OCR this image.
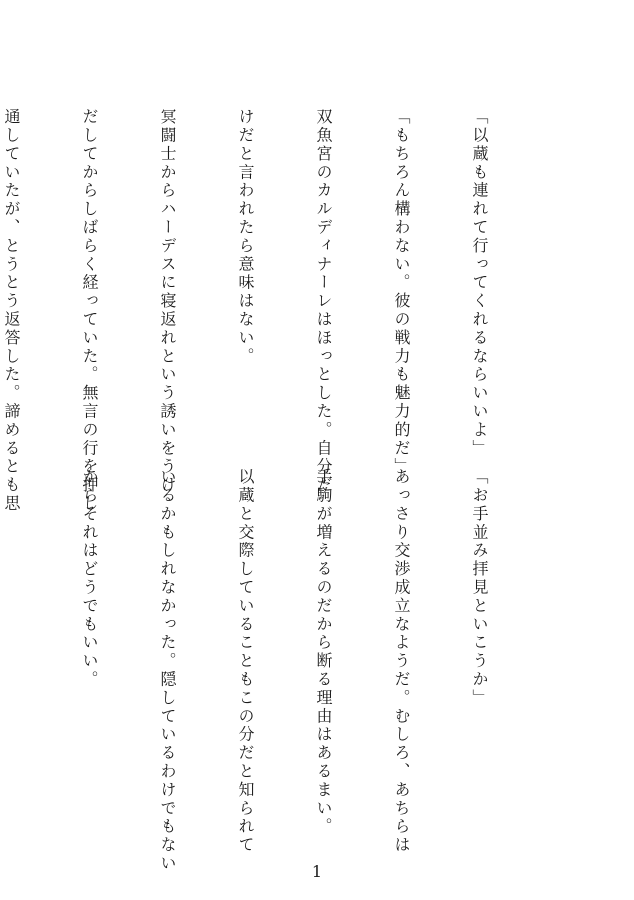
「以蔵も連れて行ってくれるならいいよ」

「もちろん構わない。彼の戦力も魅力的だ」

双魚宮のカルディナーレはほっとした。自分だ

けだと言われたら意味はない。

冥闘士からハーデスに寝返れという誘いをうけ

だしてからしばらく経っていた。無言の行を押し

通していたが、とうとう返答した。諦めるとも思

「お手並み拝見といこうか」

あっさり交渉成立なようだ。むしろ、あちらは

手駒が増えるのだから断る理由はあるまい。

以蔵と交際していることもこの分だと知られて

いるかもしれなかった。隠しているわけでもない

からそれはどうでもいい。

1
